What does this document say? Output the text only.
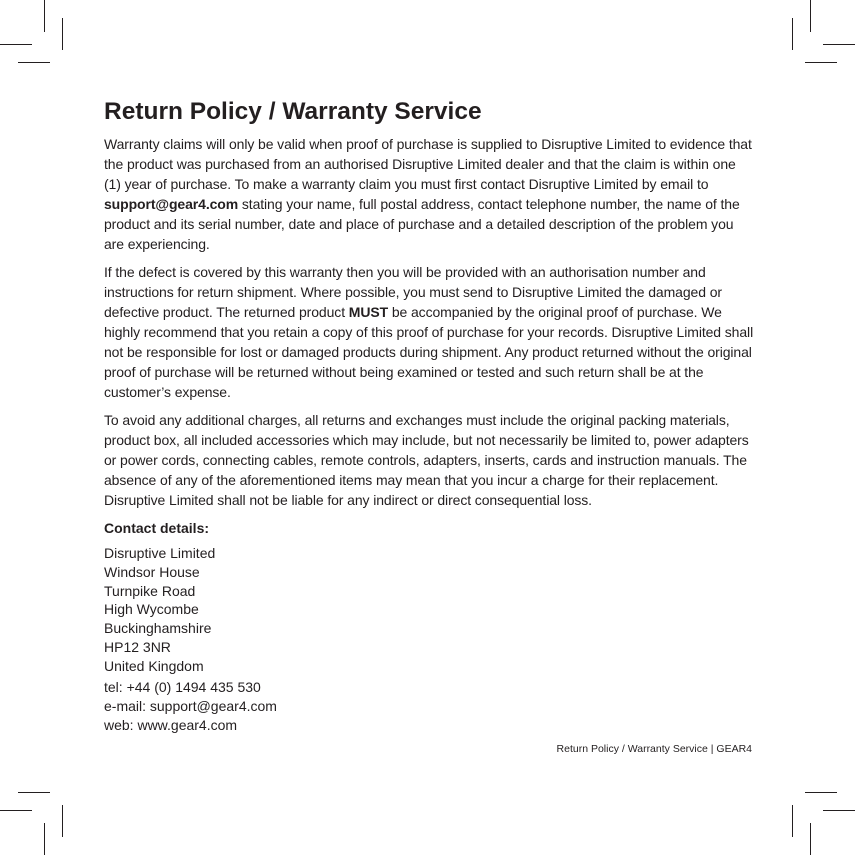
Return Policy / Warranty Service

Warranty claims will only be valid when proof of purchase is supplied to Disruptive Limited to evidence that the product was purchased from an authorised Disruptive Limited dealer and that the claim is within one (1) year of purchase. To make a warranty claim you must first contact Disruptive Limited by email to support@gear4.com stating your name, full postal address, contact telephone number, the name of the product and its serial number, date and place of purchase and a detailed description of the problem you are experiencing.

If the defect is covered by this warranty then you will be provided with an authorisation number and instructions for return shipment. Where possible, you must send to Disruptive Limited the damaged or defective product. The returned product MUST be accompanied by the original proof of purchase. We highly recommend that you retain a copy of this proof of purchase for your records. Disruptive Limited shall not be responsible for lost or damaged products during shipment. Any product returned without the original proof of purchase will be returned without being examined or tested and such return shall be at the customer’s expense.

To avoid any additional charges, all returns and exchanges must include the original packing materials, product box, all included accessories which may include, but not necessarily be limited to, power adapters or power cords, connecting cables, remote controls, adapters, inserts, cards and instruction manuals. The absence of any of the aforementioned items may mean that you incur a charge for their replacement. Disruptive Limited shall not be liable for any indirect or direct consequential loss.

Contact details:
Disruptive Limited
Windsor House
Turnpike Road
High Wycombe
Buckinghamshire
HP12 3NR
United Kingdom
tel: +44 (0) 1494 435 530
e-mail: support@gear4.com
web: www.gear4.com
Return Policy / Warranty Service | GEAR4
